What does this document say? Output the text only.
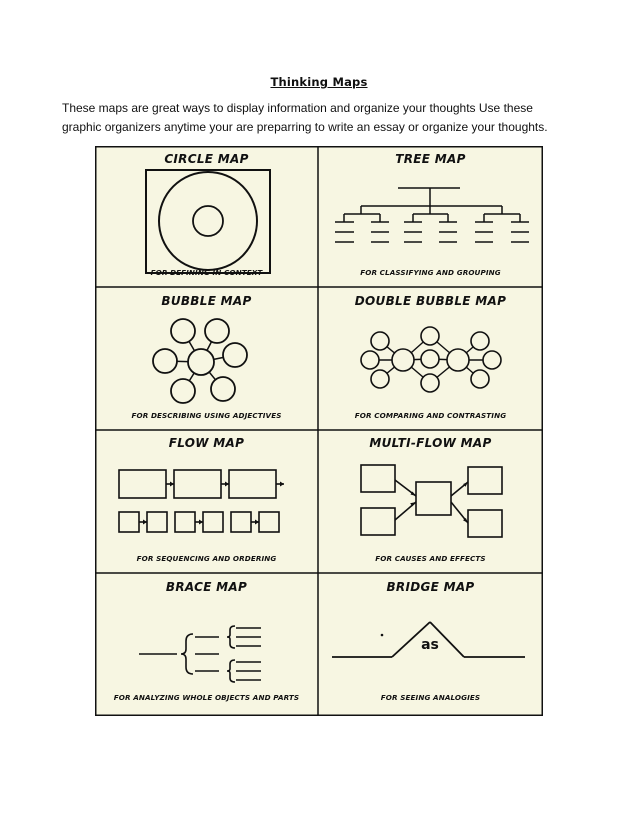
Thinking Maps
These maps are great ways to display information and organize your thoughts Use these graphic organizers anytime your are preparring to write an essay or organize your thoughts.
CIRCLE MAP
FOR DEFINING IN CONTEXT
TREE MAP
FOR CLASSIFYING AND GROUPING
BUBBLE MAP
FOR DESCRIBING USING ADJECTIVES
DOUBLE BUBBLE MAP
FOR COMPARING AND CONTRASTING
FLOW MAP
FOR SEQUENCING AND ORDERING
MULTI-FLOW MAP
FOR CAUSES AND EFFECTS
BRACE MAP
FOR ANALYZING WHOLE OBJECTS AND PARTS
BRIDGE MAP
as
FOR SEEING ANALOGIES
